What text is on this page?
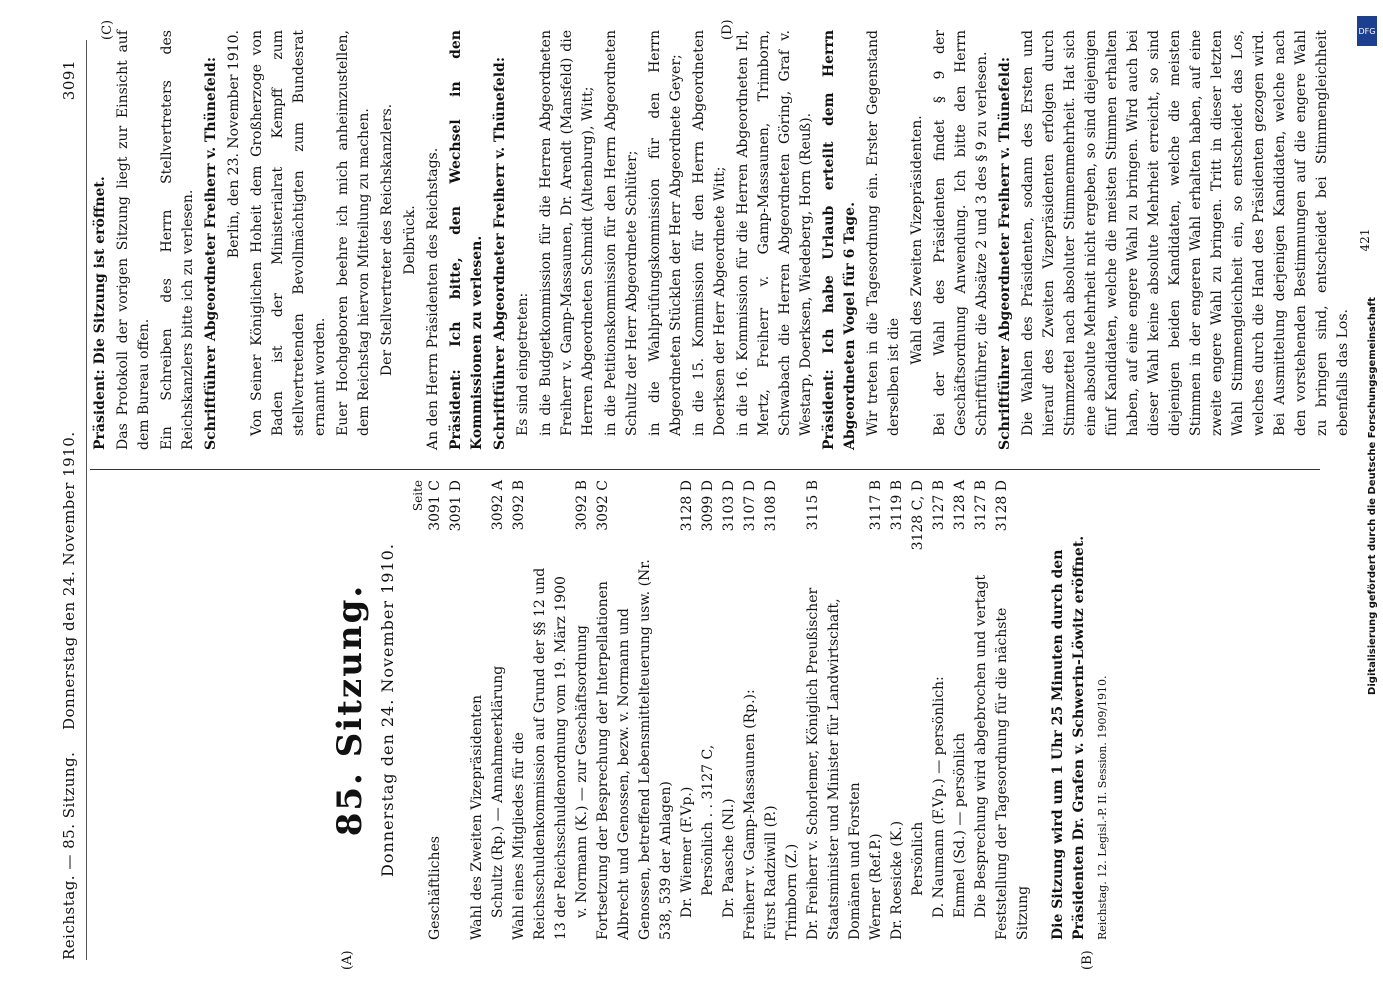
Reichstag. — 85. Sitzung.
Donnerstag den 24. November 1910.
3091
(A)	(B)
(C)	(D)
85. Sitzung. Donnerstag den 24. November 1910.
Seite
Geschäftliches
3091 C 3091 D
Wahl des Zweiten Vizepräsidenten Schultz (Rp.) — Annahmeerklärung
3092 A
Wahl eines Mitgliedes für die Reichsschuldenkommission auf Grund der §§ 12 und 13 der Reichsschuldenordnung vom 19. März 1900
3092 B
v. Normann (K.) — zur Geschäftsordnung
3092 B
Fortsetzung der Besprechung der Interpellationen Albrecht und Genossen, bezw. v. Normann und Genossen, betreffend Lebensmittelteuerung usw. (Nr. 538, 539 der Anlagen)
3092 C
Dr. Wiemer (F.Vp.)
3128 D
Persönlich . . 3127 C,
3099 D
Dr. Paasche (Nl.)
3103 D
Freiherr v. Gamp-Massaunen (Rp.):
3107 D
Fürst Radziwill (P.)
3108 D
Trimborn (Z.) Dr. Freiherr v. Schorlemer, Königlich Preußischer Staatsminister und Minister für Landwirtschaft, Domänen und Forsten
3115 B
Werner (Ref.P.)
3117 B
Dr. Roesicke (K.)
3119 B
Persönlich
3128 C, D
D. Naumann (F.Vp.) — persönlich:
3127 B
Emmel (Sd.) — persönlich
3128 A
Die Besprechung wird abgebrochen und vertagt
3127 B
Feststellung der Tagesordnung für die nächste Sitzung
3128 D
Die Sitzung wird um 1 Uhr 25 Minuten durch den Präsidenten Dr. Grafen v. Schwerin-Löwitz eröffnet. Reichstag. 12. Legisl.-P. II. Session. 1909/1910.
Präsident: Die Sitzung ist eröffnet. Das Protokoll der vorigen Sitzung liegt zur Einsicht auf dem Bureau offen. Ein Schreiben des Herrn Stellvertreters des Reichskanzlers bitte ich zu verlesen. Schriftführer Abgeordneter Freiherr v. Thünefeld: Berlin, den 23. November 1910. Von Seiner Königlichen Hoheit dem Großherzoge von Baden ist der Ministerialrat Kempff zum stellvertretenden Bevollmächtigten zum Bundesrat ernannt worden. Euer Hochgeboren beehre ich mich anheimzustellen, dem Reichstag hiervon Mitteilung zu machen. Der Stellvertreter des Reichskanzlers. Delbrück. An den Herrn Präsidenten des Reichstags. Präsident: Ich bitte, den Wechsel in den Kommissionen zu verlesen. Schriftführer Abgeordneter Freiherr v. Thünefeld: Es sind eingetreten: in die Budgetkommission für die Herren Abgeordneten Freiherr v. Gamp-Massaunen, Dr. Arendt (Mansfeld) die Herren Abgeordneten Schmidt (Altenburg), Witt; in die Petitionskommission für den Herrn Abgeordneten Schultz der Herr Abgeordnete Schlüter; in die Wahlprüfungskommission für den Herrn Abgeordneten Stücklen der Herr Abgeordnete Geyer; in die 15. Kommission für den Herrn Abgeordneten Doerksen der Herr Abgeordnete Witt; in die 16. Kommission für die Herren Abgeordneten Irl, Mertz, Freiherr v. Gamp-Massaunen, Trimborn, Schwabach die Herren Abgeordneten Göring, Graf v. Westarp, Doerksen, Wiedeberg, Horn (Reuß). Präsident: Ich habe Urlaub erteilt dem Herrn Abgeordneten Vogel für 6 Tage. Wir treten in die Tagesordnung ein. Erster Gegenstand derselben ist die
Wahl des Zweiten Vizepräsidenten. Bei der Wahl des Präsidenten findet § 9 der Geschäftsordnung Anwendung. Ich bitte den Herrn Schriftführer, die Absätze 2 und 3 des § 9 zu verlesen. Schriftführer Abgeordneter Freiherr v. Thünefeld: Die Wahlen des Präsidenten, sodann des Ersten und hierauf des Zweiten Vizepräsidenten erfolgen durch Stimmzettel nach absoluter Stimmenmehrheit. Hat sich eine absolute Mehrheit nicht ergeben, so sind diejenigen fünf Kandidaten, welche die meisten Stimmen erhalten haben, auf eine engere Wahl zu bringen. Wird auch bei dieser Wahl keine absolute Mehrheit erreicht, so sind diejenigen beiden Kandidaten, welche die meisten Stimmen in der engeren Wahl erhalten haben, auf eine zweite engere Wahl zu bringen. Tritt in dieser letzten Wahl Stimmengleichheit ein, so entscheidet das Los, welches durch die Hand des Präsidenten gezogen wird. Bei Ausmittelung derjenigen Kandidaten, welche nach den vorstehenden Bestimmungen auf die engere Wahl zu bringen sind, entscheidet bei Stimmengleichheit ebenfalls das Los.
421
DFG
Digitalisierung gefördert durch die Deutsche Forschungsgemeinschaft
